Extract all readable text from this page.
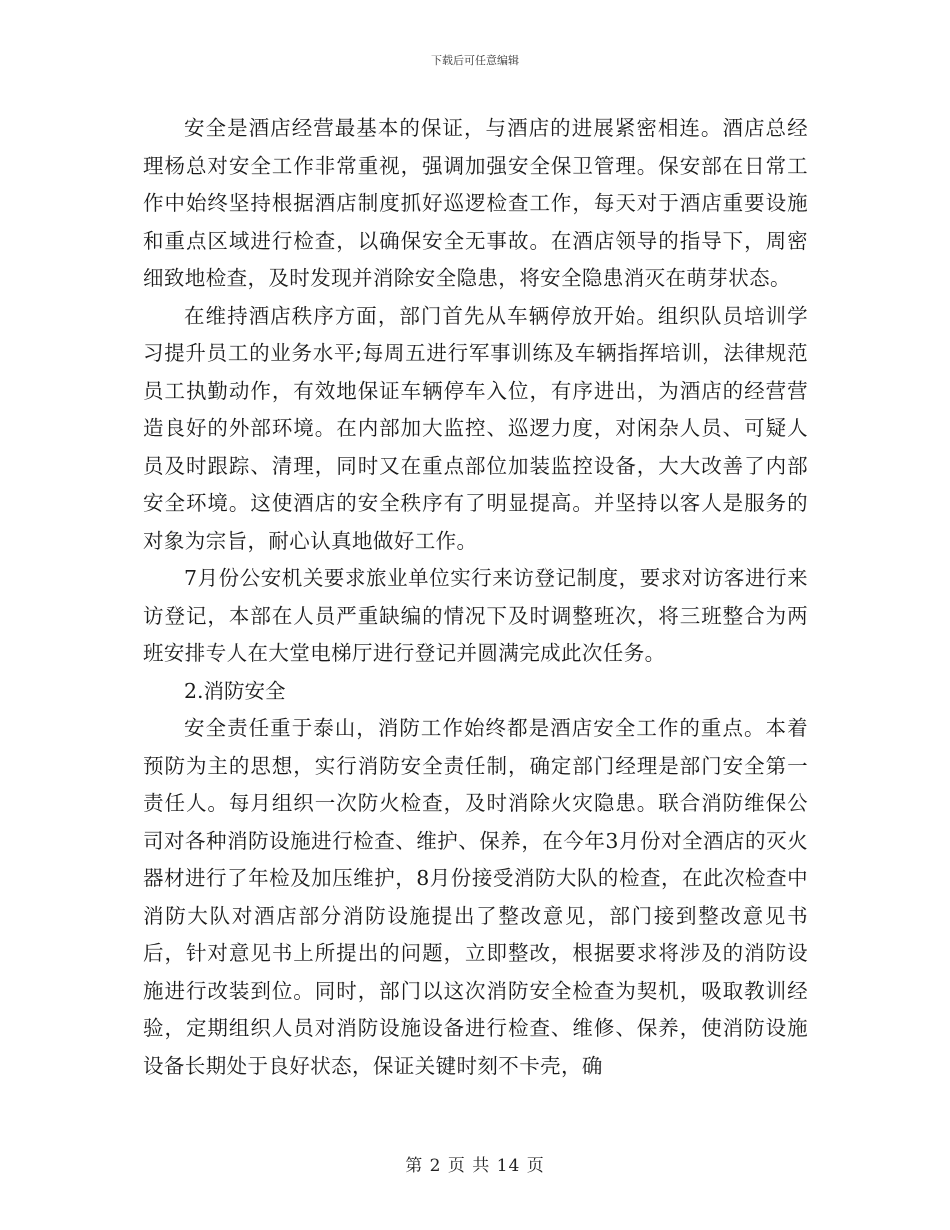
下载后可任意编辑

安全是酒店经营最基本的保证，与酒店的进展紧密相连。酒店总经理杨总对安全工作非常重视，强调加强安全保卫管理。保安部在日常工作中始终坚持根据酒店制度抓好巡逻检查工作，每天对于酒店重要设施和重点区域进行检查，以确保安全无事故。在酒店领导的指导下，周密细致地检查，及时发现并消除安全隐患，将安全隐患消灭在萌芽状态。

在维持酒店秩序方面，部门首先从车辆停放开始。组织队员培训学习提升员工的业务水平;每周五进行军事训练及车辆指挥培训，法律规范员工执勤动作，有效地保证车辆停车入位，有序进出，为酒店的经营营造良好的外部环境。在内部加大监控、巡逻力度，对闲杂人员、可疑人员及时跟踪、清理，同时又在重点部位加装监控设备，大大改善了内部安全环境。这使酒店的安全秩序有了明显提高。并坚持以客人是服务的对象为宗旨，耐心认真地做好工作。

7月份公安机关要求旅业单位实行来访登记制度，要求对访客进行来访登记，本部在人员严重缺编的情况下及时调整班次，将三班整合为两班安排专人在大堂电梯厅进行登记并圆满完成此次任务。

2.消防安全

安全责任重于泰山，消防工作始终都是酒店安全工作的重点。本着预防为主的思想，实行消防安全责任制，确定部门经理是部门安全第一责任人。每月组织一次防火检查，及时消除火灾隐患。联合消防维保公司对各种消防设施进行检查、维护、保养，在今年3月份对全酒店的灭火器材进行了年检及加压维护，8月份接受消防大队的检查，在此次检查中消防大队对酒店部分消防设施提出了整改意见，部门接到整改意见书后，针对意见书上所提出的问题，立即整改，根据要求将涉及的消防设施进行改装到位。同时，部门以这次消防安全检查为契机，吸取教训经验，定期组织人员对消防设施设备进行检查、维修、保养，使消防设施设备长期处于良好状态，保证关键时刻不卡壳，确

第 2 页 共 14 页
